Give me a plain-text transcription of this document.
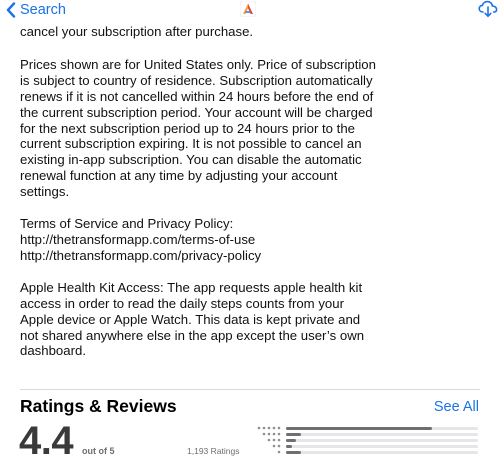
Search

cancel your subscription after purchase.

Prices shown are for United States only. Price of subscription is subject to country of residence. Subscription automatically renews if it is not cancelled within 24 hours before the end of the current subscription period. Your account will be charged for the next subscription period up to 24 hours prior to the current subscription expiring. It is not possible to cancel an existing in-app subscription. You can disable the automatic renewal function at any time by adjusting your account settings.

Terms of Service and Privacy Policy:

http://thetransformapp.com/terms-of-use

http://thetransformapp.com/privacy-policy

Apple Health Kit Access: The app requests apple health kit access in order to read the daily steps counts from your Apple device or Apple Watch. This data is kept private and not shared anywhere else in the app except the user’s own dashboard.

Ratings & Reviews	See All
4.4 out of 5	1,193 Ratings
